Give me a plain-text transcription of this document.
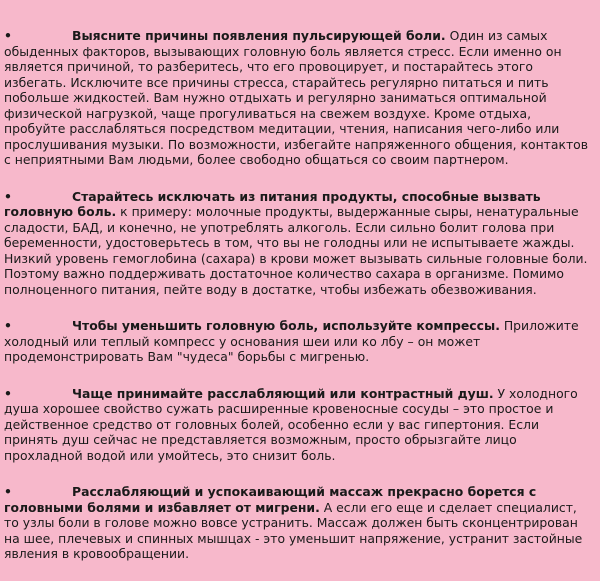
•	Выясните причины появления пульсирующей боли. Один из самых обыденных факторов, вызывающих головную боль является стресс. Если именно он является причиной, то разберитесь, что его провоцирует, и постарайтесь этого избегать. Исключите все причины стресса, старайтесь регулярно питаться и пить побольше жидкостей. Вам нужно отдыхать и регулярно заниматься оптимальной физической нагрузкой, чаще прогуливаться на свежем воздухе. Кроме отдыха, пробуйте расслабляться посредством медитации, чтения, написания чего-либо или прослушивания музыки. По возможности, избегайте напряженного общения, контактов с неприятными Вам людьми, более свободно общаться со своим партнером.
•	Старайтесь исключать из питания продукты, способные вызвать головную боль. к примеру: молочные продукты, выдержанные сыры, ненатуральные сладости, БАД, и конечно, не употреблять алкоголь. Если сильно болит голова при беременности, удостоверьтесь в том, что вы не голодны или не испытываете жажды. Низкий уровень гемоглобина (сахара) в крови может вызывать сильные головные боли. Поэтому важно поддерживать достаточное количество сахара в организме. Помимо полноценного питания, пейте воду в достатке, чтобы избежать обезвоживания.
•	Чтобы уменьшить головную боль, используйте компрессы. Приложите холодный или теплый компресс у основания шеи или ко лбу – он может продемонстрировать Вам "чудеса" борьбы с мигренью.
•	Чаще принимайте расслабляющий или контрастный душ. У холодного душа хорошее свойство сужать расширенные кровеносные сосуды – это простое и действенное средство от головных болей, особенно если у вас гипертония. Если принять душ сейчас не представляется возможным, просто обрызгайте лицо прохладной водой или умойтесь, это снизит боль.
•	Расслабляющий и успокаивающий массаж прекрасно борется с головными болями и избавляет от мигрени. А если его еще и сделает специалист, то узлы боли в голове можно вовсе устранить. Массаж должен быть сконцентрирован на шее, плечевых и спинных мышцах - это уменьшит напряжение, устранит застойные явления в кровообращении.
